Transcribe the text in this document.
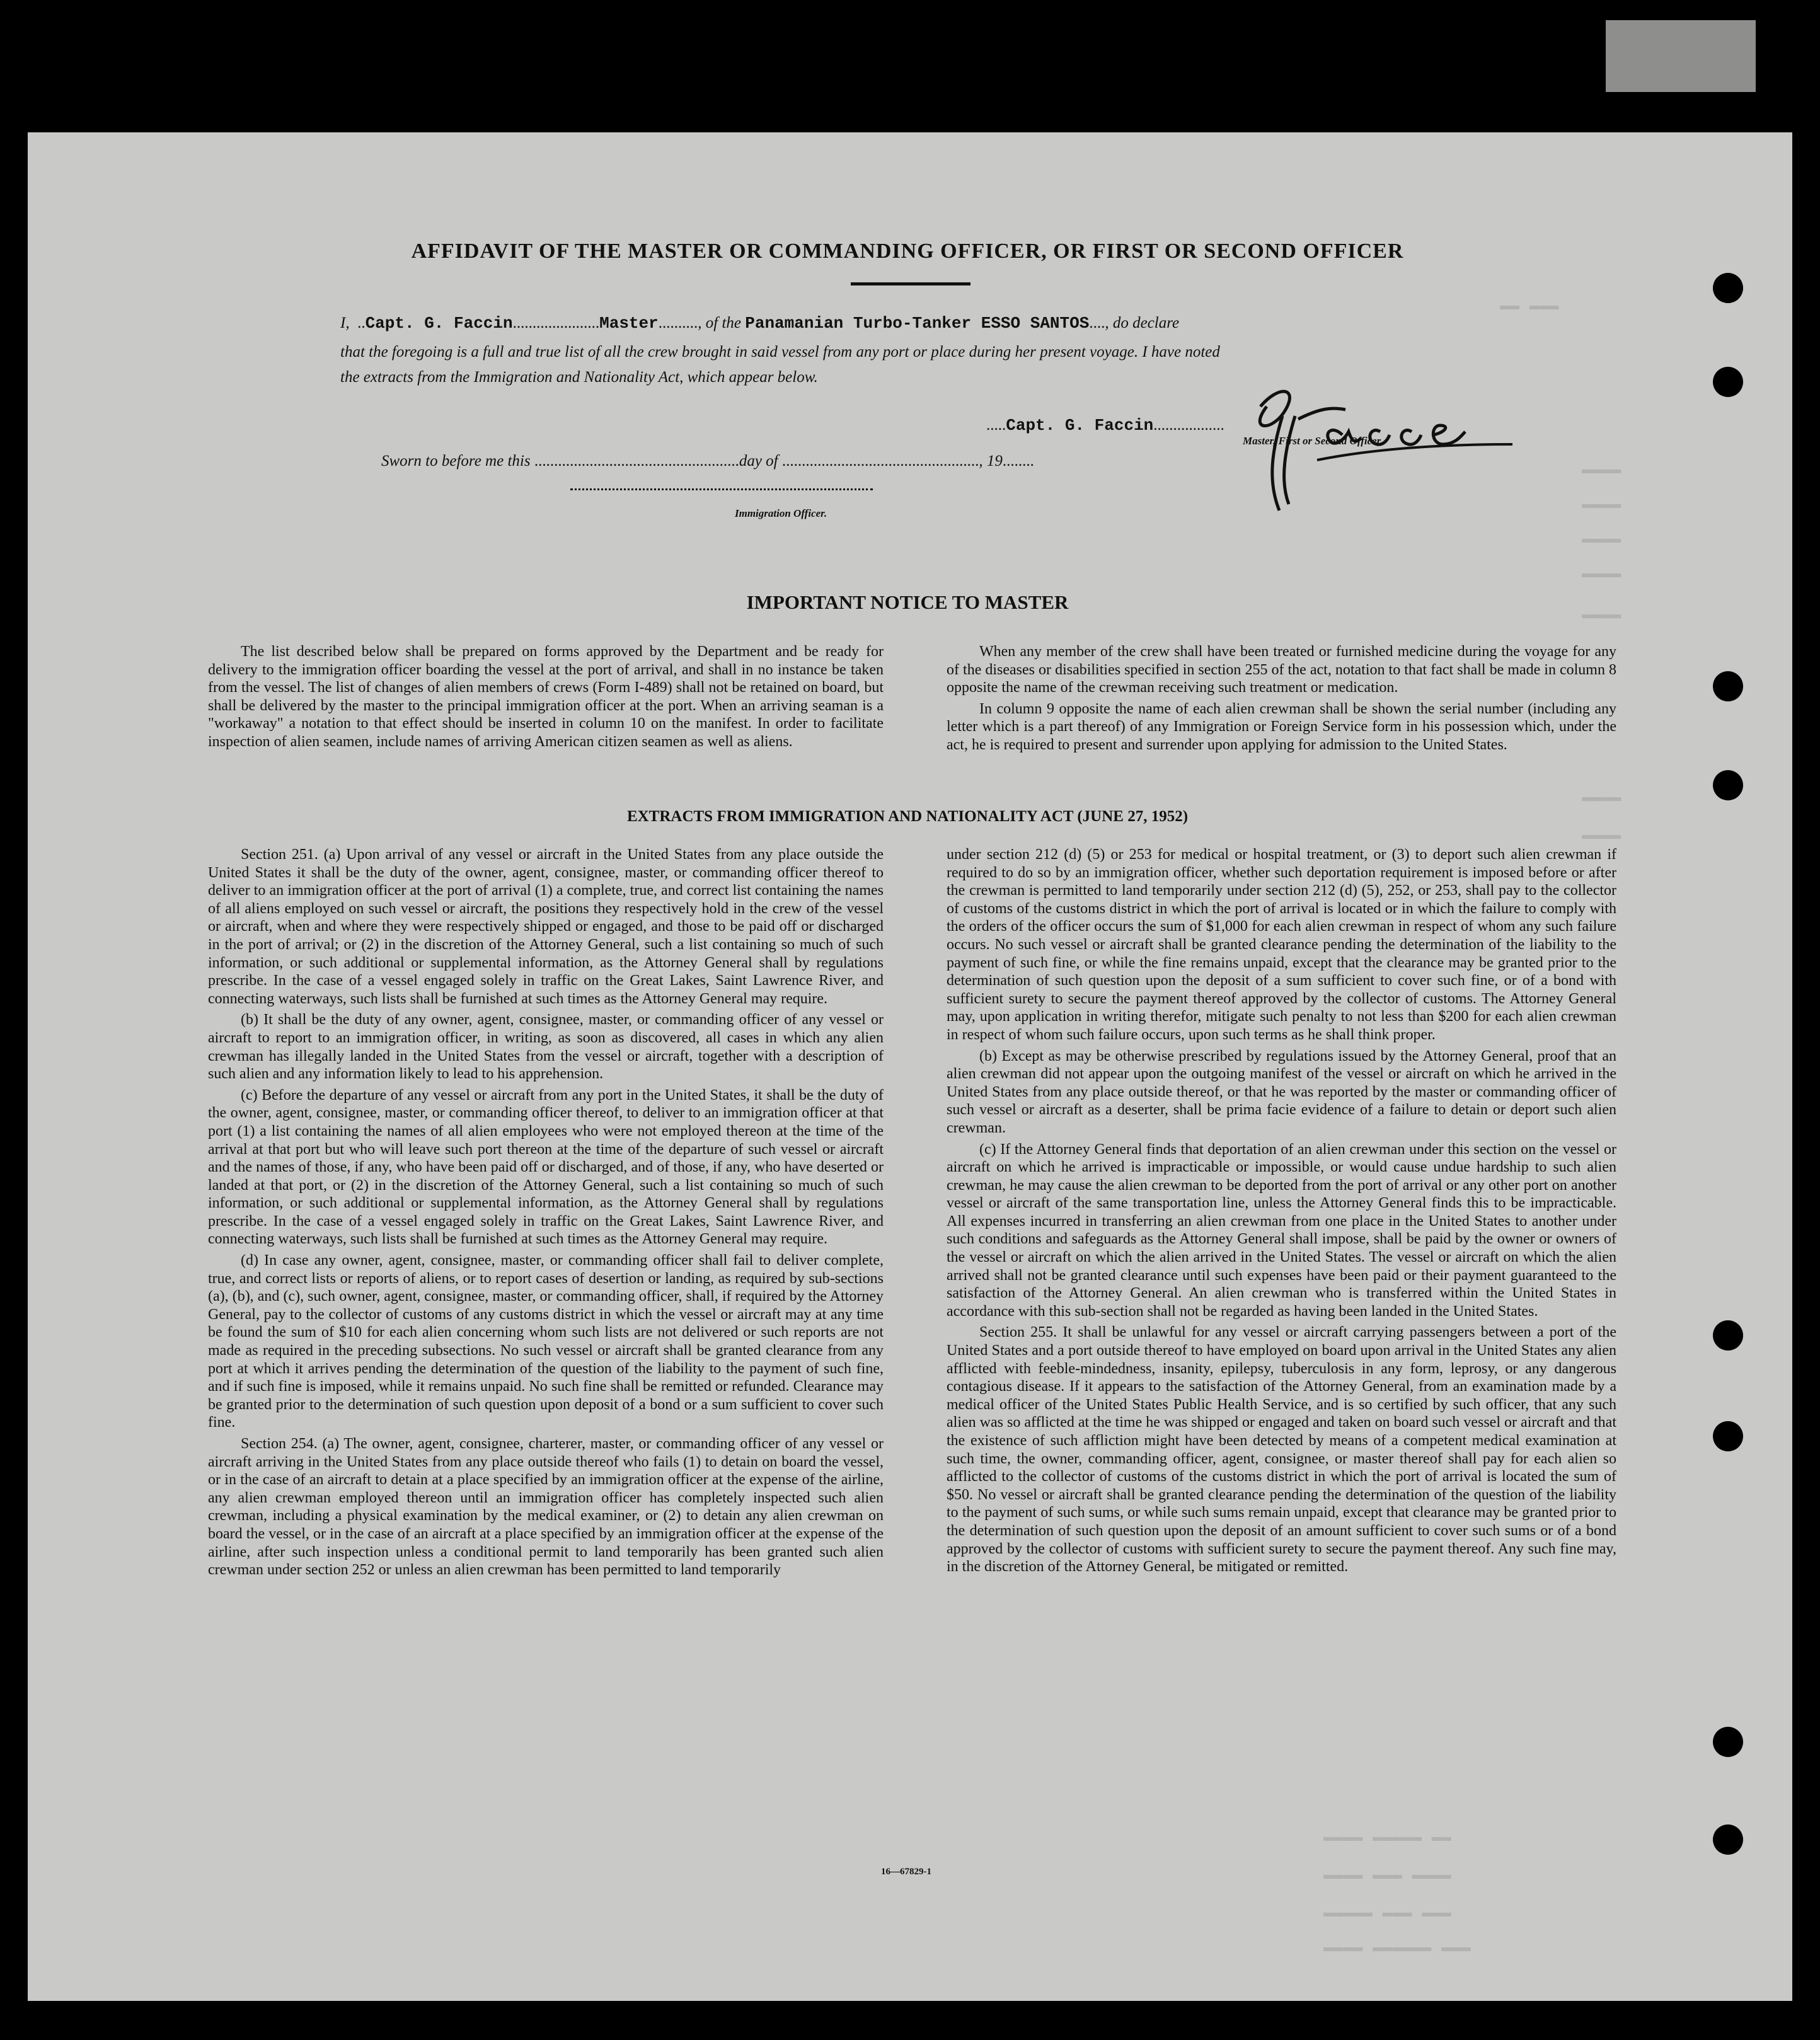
▬▬ ▬▬▬
▬▬▬▬
▬▬▬▬
▬▬▬▬
▬▬▬▬
▬▬▬▬
▬▬▬▬
▬▬▬▬
▬▬▬▬ ▬▬▬▬▬ ▬▬
▬▬▬▬ ▬▬▬ ▬▬▬▬
▬▬▬▬▬ ▬▬▬ ▬▬▬
▬▬▬▬ ▬▬▬▬▬▬ ▬▬▬
AFFIDAVIT OF THE MASTER OR COMMANDING OFFICER, OR FIRST OR SECOND OFFICER
I,  ..Capt. G. Faccin......................Master.........., of the Panamanian Turbo-Tanker ESSO SANTOS...., do declare
that the foregoing is a full and true list of all the crew brought in said vessel from any port or place during her present voyage. I have noted
the extracts from the Immigration and Nationality Act, which appear below.
.....Capt. G. Faccin..................
Master, First or Second Officer.
Sworn to before me this ....................................................day of .................................................., 19........
Immigration Officer.
IMPORTANT NOTICE TO MASTER

The list described below shall be prepared on forms approved by the Department and be ready for delivery to the immigration officer boarding the vessel at the port of arrival, and shall in no instance be taken from the vessel. The list of changes of alien members of crews (Form I-489) shall not be retained on board, but shall be delivered by the master to the principal immigration officer at the port. When an arriving seaman is a "workaway" a notation to that effect should be inserted in column 10 on the manifest. In order to facilitate inspection of alien seamen, include names of arriving American citizen seamen as well as aliens.

When any member of the crew shall have been treated or furnished medicine during the voyage for any of the diseases or disabilities specified in section 255 of the act, notation to that fact shall be made in column 8 opposite the name of the crewman receiving such treatment or medication.

In column 9 opposite the name of each alien crewman shall be shown the serial number (including any letter which is a part thereof) of any Immigration or Foreign Service form in his possession which, under the act, he is required to present and surrender upon applying for admission to the United States.

EXTRACTS FROM IMMIGRATION AND NATIONALITY ACT (JUNE 27, 1952)

Section 251. (a) Upon arrival of any vessel or aircraft in the United States from any place outside the United States it shall be the duty of the owner, agent, consignee, master, or commanding officer thereof to deliver to an immigration officer at the port of arrival (1) a complete, true, and correct list containing the names of all aliens employed on such vessel or aircraft, the positions they respectively hold in the crew of the vessel or aircraft, when and where they were respectively shipped or engaged, and those to be paid off or discharged in the port of arrival; or (2) in the discretion of the Attorney General, such a list containing so much of such information, or such additional or supplemental information, as the Attorney General shall by regulations prescribe. In the case of a vessel engaged solely in traffic on the Great Lakes, Saint Lawrence River, and connecting waterways, such lists shall be furnished at such times as the Attorney General may require.

(b) It shall be the duty of any owner, agent, consignee, master, or commanding officer of any vessel or aircraft to report to an immigration officer, in writing, as soon as discovered, all cases in which any alien crewman has illegally landed in the United States from the vessel or aircraft, together with a description of such alien and any information likely to lead to his apprehension.

(c) Before the departure of any vessel or aircraft from any port in the United States, it shall be the duty of the owner, agent, consignee, master, or commanding officer thereof, to deliver to an immigration officer at that port (1) a list containing the names of all alien employees who were not employed thereon at the time of the arrival at that port but who will leave such port thereon at the time of the departure of such vessel or aircraft and the names of those, if any, who have been paid off or discharged, and of those, if any, who have deserted or landed at that port, or (2) in the discretion of the Attorney General, such a list containing so much of such information, or such additional or supplemental information, as the Attorney General shall by regulations prescribe. In the case of a vessel engaged solely in traffic on the Great Lakes, Saint Lawrence River, and connecting waterways, such lists shall be furnished at such times as the Attorney General may require.

(d) In case any owner, agent, consignee, master, or commanding officer shall fail to deliver complete, true, and correct lists or reports of aliens, or to report cases of desertion or landing, as required by sub-sections (a), (b), and (c), such owner, agent, consignee, master, or commanding officer, shall, if required by the Attorney General, pay to the collector of customs of any customs district in which the vessel or aircraft may at any time be found the sum of $10 for each alien concerning whom such lists are not delivered or such reports are not made as required in the preceding subsections. No such vessel or aircraft shall be granted clearance from any port at which it arrives pending the determination of the question of the liability to the payment of such fine, and if such fine is imposed, while it remains unpaid. No such fine shall be remitted or refunded. Clearance may be granted prior to the determination of such question upon deposit of a bond or a sum sufficient to cover such fine.

Section 254. (a) The owner, agent, consignee, charterer, master, or commanding officer of any vessel or aircraft arriving in the United States from any place outside thereof who fails (1) to detain on board the vessel, or in the case of an aircraft to detain at a place specified by an immigration officer at the expense of the airline, any alien crewman employed thereon until an immigration officer has completely inspected such alien crewman, including a physical examination by the medical examiner, or (2) to detain any alien crewman on board the vessel, or in the case of an aircraft at a place specified by an immigration officer at the expense of the airline, after such inspection unless a conditional permit to land temporarily has been granted such alien crewman under section 252 or unless an alien crewman has been permitted to land temporarily

under section 212 (d) (5) or 253 for medical or hospital treatment, or (3) to deport such alien crewman if required to do so by an immigration officer, whether such deportation requirement is imposed before or after the crewman is permitted to land temporarily under section 212 (d) (5), 252, or 253, shall pay to the collector of customs of the customs district in which the port of arrival is located or in which the failure to comply with the orders of the officer occurs the sum of $1,000 for each alien crewman in respect of whom any such failure occurs. No such vessel or aircraft shall be granted clearance pending the determination of the liability to the payment of such fine, or while the fine remains unpaid, except that the clearance may be granted prior to the determination of such question upon the deposit of a sum sufficient to cover such fine, or of a bond with sufficient surety to secure the payment thereof approved by the collector of customs. The Attorney General may, upon application in writing therefor, mitigate such penalty to not less than $200 for each alien crewman in respect of whom such failure occurs, upon such terms as he shall think proper.

(b) Except as may be otherwise prescribed by regulations issued by the Attorney General, proof that an alien crewman did not appear upon the outgoing manifest of the vessel or aircraft on which he arrived in the United States from any place outside thereof, or that he was reported by the master or commanding officer of such vessel or aircraft as a deserter, shall be prima facie evidence of a failure to detain or deport such alien crewman.

(c) If the Attorney General finds that deportation of an alien crewman under this section on the vessel or aircraft on which he arrived is impracticable or impossible, or would cause undue hardship to such alien crewman, he may cause the alien crewman to be deported from the port of arrival or any other port on another vessel or aircraft of the same transportation line, unless the Attorney General finds this to be impracticable. All expenses incurred in transferring an alien crewman from one place in the United States to another under such conditions and safeguards as the Attorney General shall impose, shall be paid by the owner or owners of the vessel or aircraft on which the alien arrived in the United States. The vessel or aircraft on which the alien arrived shall not be granted clearance until such expenses have been paid or their payment guaranteed to the satisfaction of the Attorney General. An alien crewman who is transferred within the United States in accordance with this sub-section shall not be regarded as having been landed in the United States.

Section 255. It shall be unlawful for any vessel or aircraft carrying passengers between a port of the United States and a port outside thereof to have employed on board upon arrival in the United States any alien afflicted with feeble-mindedness, insanity, epilepsy, tuberculosis in any form, leprosy, or any dangerous contagious disease. If it appears to the satisfaction of the Attorney General, from an examination made by a medical officer of the United States Public Health Service, and is so certified by such officer, that any such alien was so afflicted at the time he was shipped or engaged and taken on board such vessel or aircraft and that the existence of such affliction might have been detected by means of a competent medical examination at such time, the owner, commanding officer, agent, consignee, or master thereof shall pay for each alien so afflicted to the collector of customs of the customs district in which the port of arrival is located the sum of $50. No vessel or aircraft shall be granted clearance pending the determination of the question of the liability to the payment of such sums, or while such sums remain unpaid, except that clearance may be granted prior to the determination of such question upon the deposit of an amount sufficient to cover such sums or of a bond approved by the collector of customs with sufficient surety to secure the payment thereof. Any such fine may, in the discretion of the Attorney General, be mitigated or remitted.

16—67829-1
